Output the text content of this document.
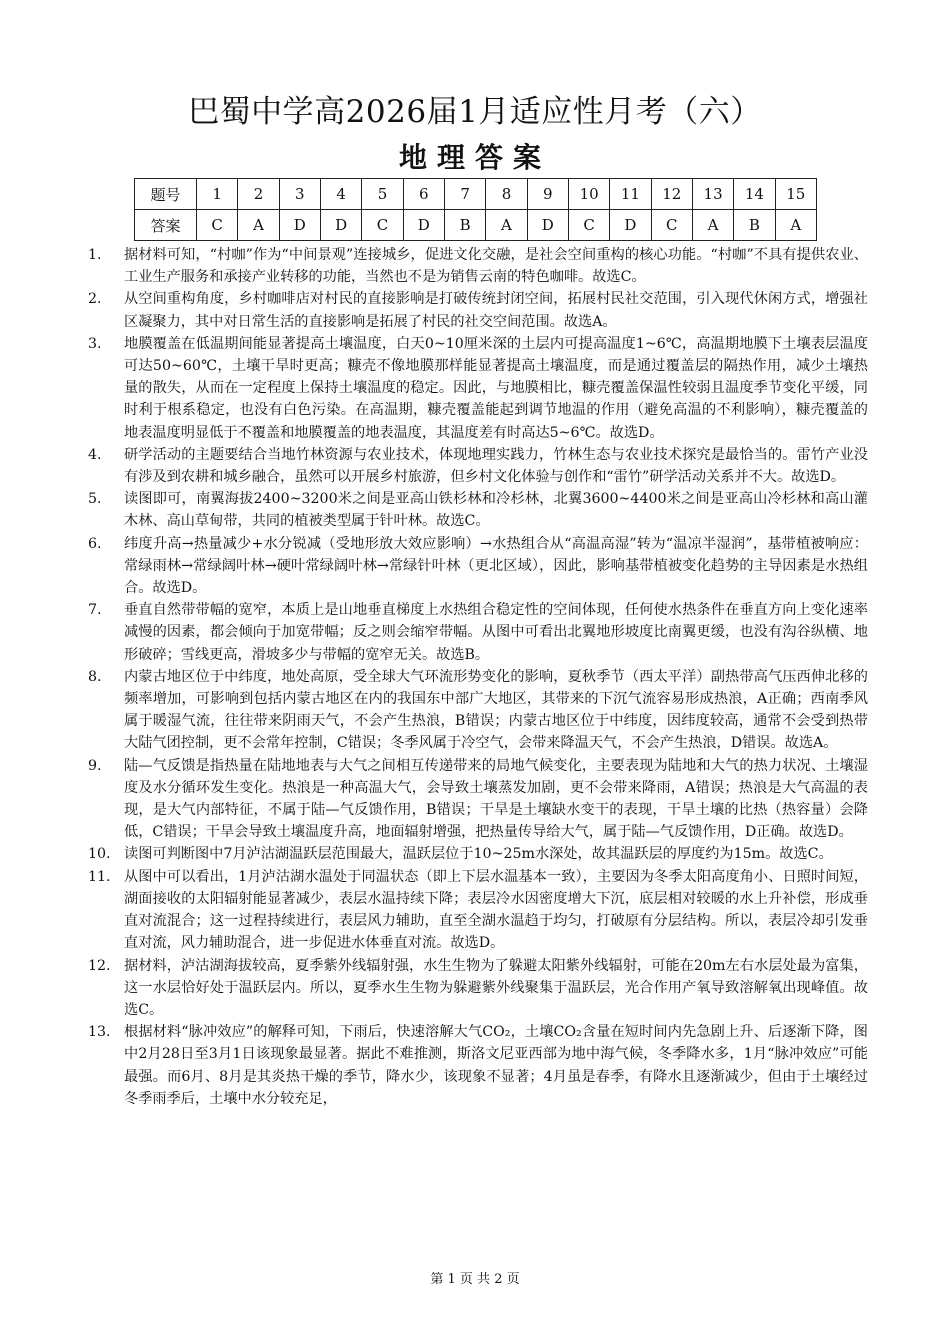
巴蜀中学高2026届1月适应性月考（六）
地理答案
题号	1	2	3	4	5	6	7	8	9	10	11	12	13	14	15
答案	C	A	D	D	C	D	B	A	D	C	D	C	A	B	A
1. 据材料可知，“村咖”作为“中间景观”连接城乡，促进文化交融，是社会空间重构的核心功能。“村咖”不具有提供农业、工业生产服务和承接产业转移的功能，当然也不是为销售云南的特色咖啡。故选C。
2. 从空间重构角度，乡村咖啡店对村民的直接影响是打破传统封闭空间，拓展村民社交范围，引入现代休闲方式，增强社区凝聚力，其中对日常生活的直接影响是拓展了村民的社交空间范围。故选A。
3. 地膜覆盖在低温期间能显著提高土壤温度，白天0~10厘米深的土层内可提高温度1~6℃，高温期地膜下土壤表层温度可达50~60℃，土壤干旱时更高；糠壳不像地膜那样能显著提高土壤温度，而是通过覆盖层的隔热作用，减少土壤热量的散失，从而在一定程度上保持土壤温度的稳定。因此，与地膜相比，糠壳覆盖保温性较弱且温度季节变化平缓，同时利于根系稳定，也没有白色污染。在高温期，糠壳覆盖能起到调节地温的作用（避免高温的不利影响），糠壳覆盖的地表温度明显低于不覆盖和地膜覆盖的地表温度，其温度差有时高达5~6℃。故选D。
4. 研学活动的主题要结合当地竹林资源与农业技术，体现地理实践力，竹林生态与农业技术探究是最恰当的。雷竹产业没有涉及到农耕和城乡融合，虽然可以开展乡村旅游，但乡村文化体验与创作和“雷竹”研学活动关系并不大。故选D。
5. 读图即可，南翼海拔2400~3200米之间是亚高山铁杉林和冷杉林，北翼3600~4400米之间是亚高山冷杉林和高山灌木林、高山草甸带，共同的植被类型属于针叶林。故选C。
6. 纬度升高→热量减少+水分锐减（受地形放大效应影响）→水热组合从“高温高湿”转为“温凉半湿润”，基带植被响应：常绿雨林→常绿阔叶林→硬叶常绿阔叶林→常绿针叶林（更北区域），因此，影响基带植被变化趋势的主导因素是水热组合。故选D。
7. 垂直自然带带幅的宽窄，本质上是山地垂直梯度上水热组合稳定性的空间体现，任何使水热条件在垂直方向上变化速率减慢的因素，都会倾向于加宽带幅；反之则会缩窄带幅。从图中可看出北翼地形坡度比南翼更缓，也没有沟谷纵横、地形破碎；雪线更高，滑坡多少与带幅的宽窄无关。故选B。
8. 内蒙古地区位于中纬度，地处高原，受全球大气环流形势变化的影响，夏秋季节（西太平洋）副热带高气压西伸北移的频率增加，可影响到包括内蒙古地区在内的我国东中部广大地区，其带来的下沉气流容易形成热浪，A正确；西南季风属于暖湿气流，往往带来阴雨天气，不会产生热浪，B错误；内蒙古地区位于中纬度，因纬度较高，通常不会受到热带大陆气团控制，更不会常年控制，C错误；冬季风属于冷空气，会带来降温天气，不会产生热浪，D错误。故选A。
9. 陆—气反馈是指热量在陆地地表与大气之间相互传递带来的局地气候变化，主要表现为陆地和大气的热力状况、土壤湿度及水分循环发生变化。热浪是一种高温大气，会导致土壤蒸发加剧，更不会带来降雨，A错误；热浪是大气高温的表现，是大气内部特征，不属于陆—气反馈作用，B错误；干旱是土壤缺水变干的表现，干旱土壤的比热（热容量）会降低，C错误；干旱会导致土壤温度升高，地面辐射增强，把热量传导给大气，属于陆—气反馈作用，D正确。故选D。
10. 读图可判断图中7月泸沽湖温跃层范围最大，温跃层位于10~25m水深处，故其温跃层的厚度约为15m。故选C。
11. 从图中可以看出，1月泸沽湖水温处于同温状态（即上下层水温基本一致），主要因为冬季太阳高度角小、日照时间短，湖面接收的太阳辐射能显著减少，表层水温持续下降；表层冷水因密度增大下沉，底层相对较暖的水上升补偿，形成垂直对流混合；这一过程持续进行，表层风力辅助，直至全湖水温趋于均匀，打破原有分层结构。所以，表层冷却引发垂直对流，风力辅助混合，进一步促进水体垂直对流。故选D。
12. 据材料，泸沽湖海拔较高，夏季紫外线辐射强，水生生物为了躲避太阳紫外线辐射，可能在20m左右水层处最为富集，这一水层恰好处于温跃层内。所以，夏季水生生物为躲避紫外线聚集于温跃层，光合作用产氧导致溶解氧出现峰值。故选C。
13. 根据材料“脉冲效应”的解释可知，下雨后，快速溶解大气CO₂，土壤CO₂含量在短时间内先急剧上升、后逐渐下降，图中2月28日至3月1日该现象最显著。据此不难推测，斯洛文尼亚西部为地中海气候，冬季降水多，1月“脉冲效应”可能最强。而6月、8月是其炎热干燥的季节，降水少，该现象不显著；4月虽是春季，有降水且逐渐减少，但由于土壤经过冬季雨季后，土壤中水分较充足，
第 1 页 共 2 页
